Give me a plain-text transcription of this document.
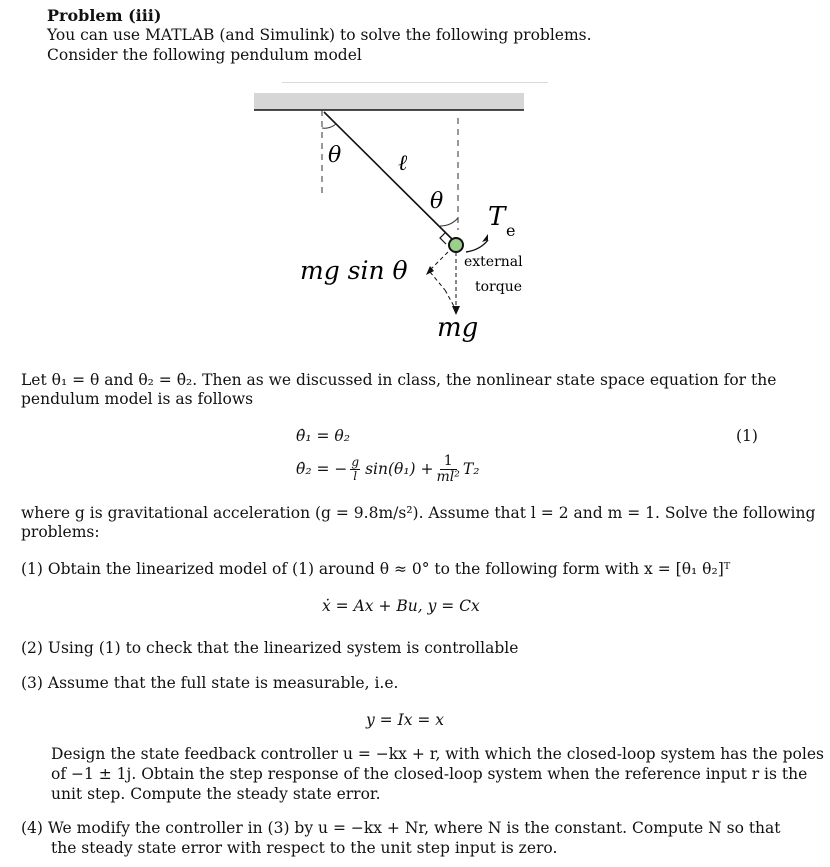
Problem (iii)
You can use MATLAB (and Simulink) to solve the following problems.
Consider the following pendulum model
θ	ℓ
θ
T e
external
torque
mg sin θ
mg
Let θ₁ = θ and θ₂ = θ̇₂. Then as we discussed in class, the nonlinear state space equation for the
pendulum model is as follows
θ̇₁ = θ₂	(1)
θ̇₂ = − $\frac{g}{l} \sin(\theta_1) + \frac{1}{\text{ml²}} T_2$
where g is gravitational acceleration (g = 9.8m/s²). Assume that l = 2 and m = 1. Solve the following
problems:
(1) Obtain the linearized model of (1) around θ ≈ 0° to the following form with x = [θ₁ θ₂]ᵀ
ẋ = Ax + Bu, y = Cx
(2) Using (1) to check that the linearized system is controllable
(3) Assume that the full state is measurable, i.e.
y = Ix = x
Design the state feedback controller u = −kx + r, with which the closed-loop system has the poles
of −1 ± 1j. Obtain the step response of the closed-loop system when the reference input r is the
unit step. Compute the steady state error.
(4) We modify the controller in (3) by u = −kx + Nr, where N is the constant. Compute N so that
the steady state error with respect to the unit step input is zero.
